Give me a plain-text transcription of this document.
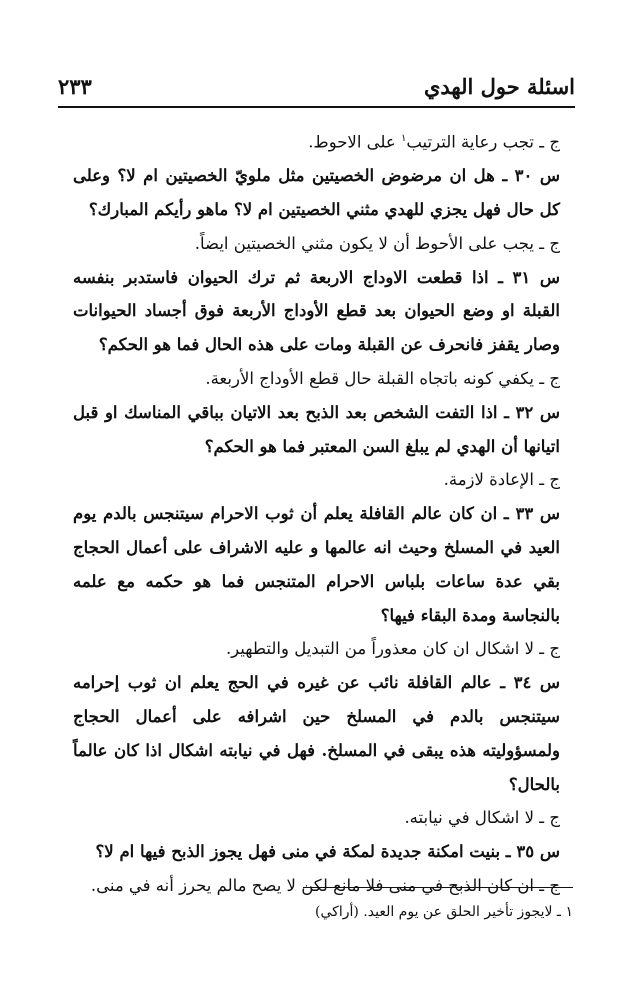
اسئلة حول الهدي
٢٣٣

ج ـ تجب رعاية الترتيب$^١$ على الاحوط.

س ٣٠ ـ هل ان مرضوض الخصيتين مثل ملويّ الخصيتين ام لا؟ وعلى كل حال فهل يجزي للهدي مثني الخصيتين ام لا؟ ماهو رأيكم المبارك؟

ج ـ يجب على الأحوط أن لا يكون مثني الخصيتين ايضاً.

س ٣١ ـ اذا قطعت الاوداج الاربعة ثم ترك الحيوان فاستدبر بنفسه القبلة او وضع الحيوان بعد قطع الأوداج الأربعة فوق أجساد الحيوانات وصار يقفز فانحرف عن القبلة ومات على هذه الحال فما هو الحكم؟

ج ـ يكفي كونه باتجاه القبلة حال قطع الأوداج الأربعة.

س ٣٢ ـ اذا التفت الشخص بعد الذبح بعد الاتيان بباقي المناسك او قبل اتيانها أن الهدي لم يبلغ السن المعتبر فما هو الحكم؟

ج ـ الإعادة لازمة.

س ٣٣ ـ ان كان عالم القافلة يعلم أن ثوب الاحرام سيتنجس بالدم يوم العيد في المسلخ وحيث انه عالمها و عليه الاشراف على أعمال الحجاج بقي عدة ساعات بلباس الاحرام المتنجس فما هو حكمه مع علمه بالنجاسة ومدة البقاء فيها؟

ج ـ لا اشكال ان كان معذوراً من التبديل والتطهير.

س ٣٤ ـ عالم القافلة نائب عن غيره في الحج يعلم ان ثوب إحرامه سيتنجس بالدم في المسلخ حين اشرافه على أعمال الحجاج ولمسؤوليته هذه يبقى في المسلخ. فهل في نيابته اشكال اذا كان عالماً بالحال؟

ج ـ لا اشكال في نيابته.

س ٣٥ ـ بنيت امكنة جديدة لمكة في منى فهل يجوز الذبح فيها ام لا؟

ج ـ ان كان الذبح في منى فلا مانع لكن لا يصح مالم يحرز أنه في منى.

١ ـ لايجوز تأخير الحلق عن يوم العيد. (أراكي)
